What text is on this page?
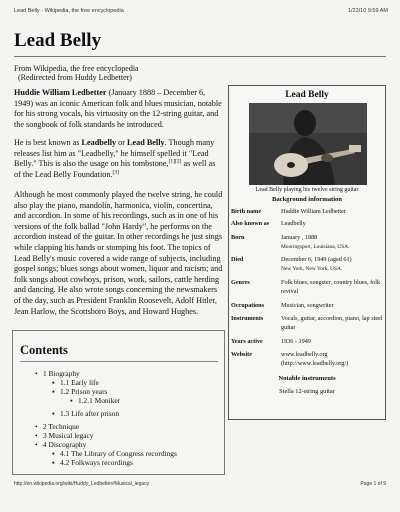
Lead Belly - Wikipedia, the free encyclopedia	1/22/10 9:59 AM
Lead Belly
From Wikipedia, the free encyclopedia
(Redirected from Huddy Ledbetter)
Huddie William Ledbetter (January 1888 – December 6, 1949) was an iconic American folk and blues musician, notable for his strong vocals, his virtuosity on the 12-string guitar, and the songbook of folk standards he introduced.
He is best known as Leadbelly or Lead Belly. Though many releases list him as "Leadbelly," he himself spelled it "Lead Belly." This is also the usage on his tombstone,[1][2] as well as of the Lead Belly Foundation.[3]
Although he most commonly played the twelve string, he could also play the piano, mandolin, harmonica, violin, concertina, and accordion. In some of his recordings, such as in one of his versions of the folk ballad "John Hardy", he performs on the accordion instead of the guitar. In other recordings he just sings while clapping his hands or stomping his foot. The topics of Lead Belly's music covered a wide range of subjects, including gospel songs; blues songs about women, liquor and racism; and folk songs about cowboys, prison, work, sailors, cattle herding and dancing. He also wrote songs concerning the newsmakers of the day, such as President Franklin Roosevelt, Adolf Hitler, Jean Harlow, the Scottsboro Boys, and Howard Hughes.
Lead Belly
Lead Belly playing his twelve string guitar
Background information
Birth name	Huddie William Ledbetter
Also known as	Leadbelly
Born	January , 1888
Mooringsport, Louisiana, USA.
Died	December 6, 1949 (aged 61)
New York, New York, USA.
Genres	Folk blues, songster, country blues, folk revival
Occupations	Musician, songwriter
Instruments	Vocals, guitar, accordion, piano, lap steel guitar
Years active	1936 - 1949
Website	www.leadbelly.org
(http://www.leadbelly.org/)
Notable instruments
Stella 12-string guitar
Contents
• 1 Biography
▪ 1.1 Early life
▪ 1.2 Prison years
▪ 1.2.1 Moniker
▪ 1.3 Life after prison
• 2 Technique
• 3 Musical legacy
• 4 Discography
▪ 4.1 The Library of Congress recordings
▪ 4.2 Folkways recordings
http://en.wikipedia.org/wiki/Huddy_Ledbetter#Musical_legacy	Page 1 of 9
